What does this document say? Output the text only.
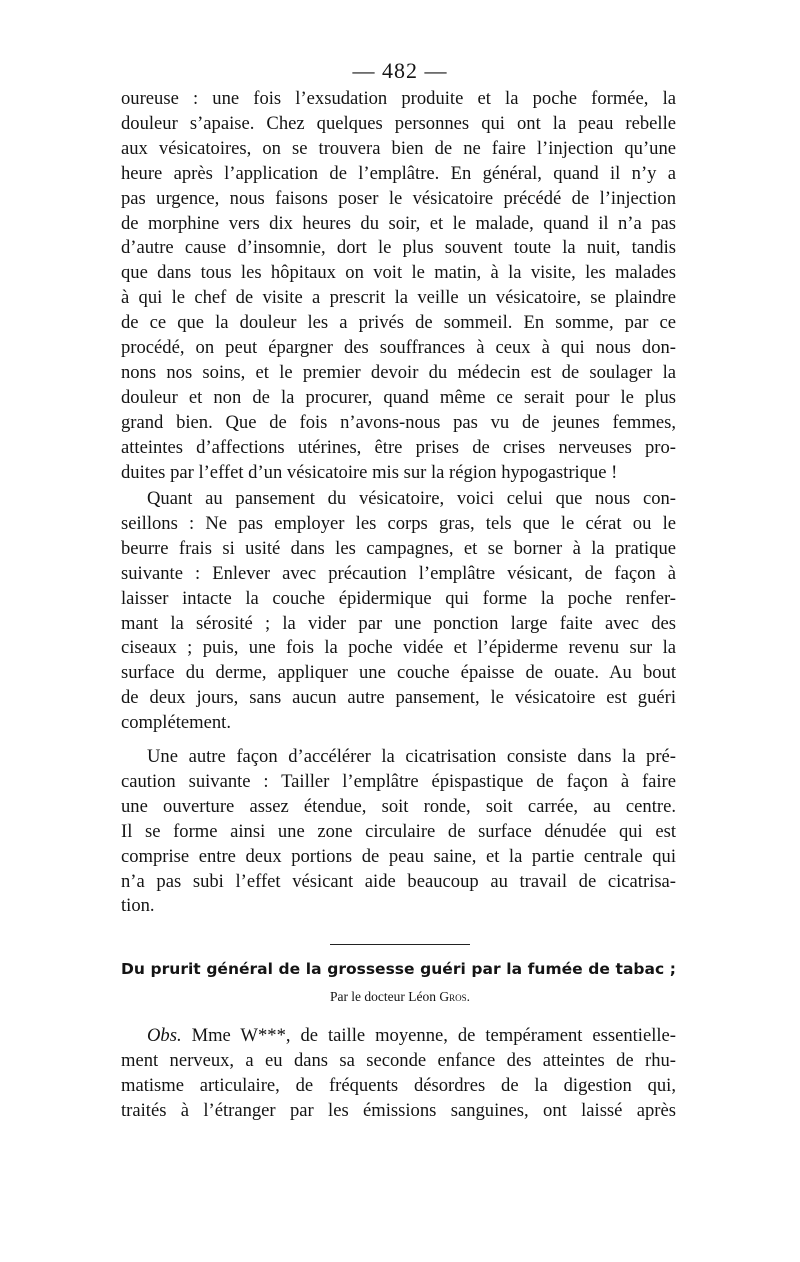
— 482 —
oureuse : une fois l’exsudation produite et la poche formée, la
douleur s’apaise. Chez quelques personnes qui ont la peau rebelle
aux vésicatoires, on se trouvera bien de ne faire l’injection qu’une
heure après l’application de l’emplâtre. En général, quand il n’y a
pas urgence, nous faisons poser le vésicatoire précédé de l’injection
de morphine vers dix heures du soir, et le malade, quand il n’a pas
d’autre cause d’insomnie, dort le plus souvent toute la nuit, tandis
que dans tous les hôpitaux on voit le matin, à la visite, les malades
à qui le chef de visite a prescrit la veille un vésicatoire, se plaindre
de ce que la douleur les a privés de sommeil. En somme, par ce
procédé, on peut épargner des souffrances à ceux à qui nous don-
nons nos soins, et le premier devoir du médecin est de soulager la
douleur et non de la procurer, quand même ce serait pour le plus
grand bien. Que de fois n’avons-nous pas vu de jeunes femmes,
atteintes d’affections utérines, être prises de crises nerveuses pro-
duites par l’effet d’un vésicatoire mis sur la région hypogastrique !
Quant au pansement du vésicatoire, voici celui que nous con-
seillons : Ne pas employer les corps gras, tels que le cérat ou le
beurre frais si usité dans les campagnes, et se borner à la pratique
suivante : Enlever avec précaution l’emplâtre vésicant, de façon à
laisser intacte la couche épidermique qui forme la poche renfer-
mant la sérosité ; la vider par une ponction large faite avec des
ciseaux ; puis, une fois la poche vidée et l’épiderme revenu sur la
surface du derme, appliquer une couche épaisse de ouate. Au bout
de deux jours, sans aucun autre pansement, le vésicatoire est guéri
complétement.
Une autre façon d’accélérer la cicatrisation consiste dans la pré-
caution suivante : Tailler l’emplâtre épispastique de façon à faire
une ouverture assez étendue, soit ronde, soit carrée, au centre.
Il se forme ainsi une zone circulaire de surface dénudée qui est
comprise entre deux portions de peau saine, et la partie centrale qui
n’a pas subi l’effet vésicant aide beaucoup au travail de cicatrisa-
tion.
Du prurit général de la grossesse guéri par la fumée de tabac ;
Par le docteur Léon Gros.
Obs. Mme W***, de taille moyenne, de tempérament essentielle-
ment nerveux, a eu dans sa seconde enfance des atteintes de rhu-
matisme articulaire, de fréquents désordres de la digestion qui,
traités à l’étranger par les émissions sanguines, ont laissé après
